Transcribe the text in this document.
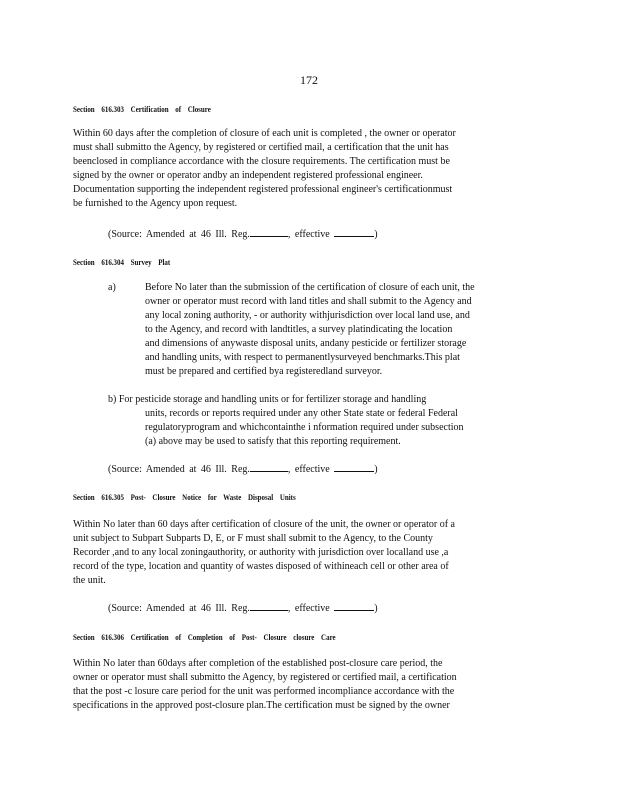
172
Section 616.303 Certification of Closure
Within 60 days after the completion of closure of each unit is completed , the owner or operator
must shall submitto the Agency, by registered or certified mail, a certification that the unit has
beenclosed in compliance accordance with the closure requirements. The certification must be
signed by the owner or operator andby an independent registered professional engineer.
Documentation supporting the independent registered professional engineer's certificationmust
be furnished to the Agency upon request.
(Source: Amended at 46 Ill. Reg.	, effective	)
Section 616.304 Survey Plat
a)	Before No later than the submission of the certification of closure of each unit, the
owner or operator must record with land titles and shall submit to the Agency and
any local zoning authority, - or authority withjurisdiction over local land use, and
to the Agency, and record with landtitles, a survey platindicating the location
and dimensions of anywaste disposal units, andany pesticide or fertilizer storage
and handling units, with respect to permanentlysurveyed benchmarks.This plat
must be prepared and certified bya registeredland surveyor.
b) For pesticide storage and handling units or for fertilizer storage and handling
units, records or reports required under any other State state or federal Federal
regulatoryprogram and whichcontainthe i nformation required under subsection
(a) above may be used to satisfy that this reporting requirement.
(Source: Amended at 46 Ill. Reg.	, effective	)
Section 616.305 Post- Closure Notice for Waste Disposal Units
Within No later than 60 days after certification of closure of the unit, the owner or operator of a
unit subject to Subpart Subparts D, E, or F must shall submit to the Agency, to the County
Recorder ,and to any local zoningauthority, or authority with jurisdiction over localland use ,a
record of the type, location and quantity of wastes disposed of withineach cell or other area of
the unit.
(Source: Amended at 46 Ill. Reg.	, effective	)
Section 616.306 Certification of Completion of Post- Closure closure Care
Within No later than 60days after completion of the established post-closure care period, the
owner or operator must shall submitto the Agency, by registered or certified mail, a certification
that the post -c losure care period for the unit was performed incompliance accordance with the
specifications in the approved post-closure plan.The certification must be signed by the owner
